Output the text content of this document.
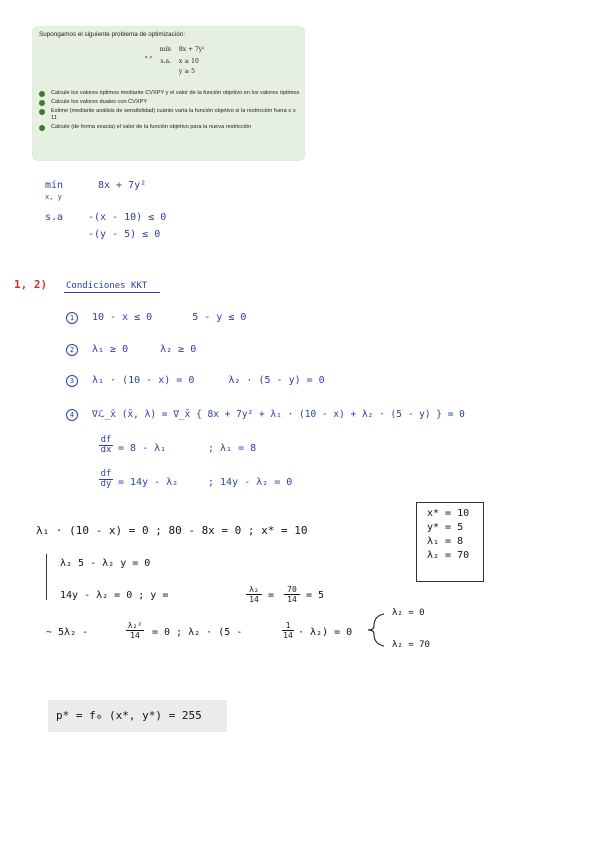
Supongamos el siguiente problema de optimización:
mín
x, y
8x + 7y²
s.a. x ≥ 10
y ≥ 5
Calcule los valores óptimos mediante CVXPY y el valor de la función objetivo en los valores óptimos
Calcule los valores duales con CVXPY
Estime (mediante análisis de sensibilidad) cuánto varía la función objetivo si la restricción fuera x ≥ 11
Calcule (de forma exacta) el valor de la función objetivo para la nueva restricción
mín
x, y
8x + 7y²
s.a -(x - 10) ≤ 0
-(y - 5) ≤ 0
1, 2) Condiciones KKT
1 10 - x ≤ 0	5 - y ≤ 0
2 λ₁ ≥ 0	λ₂ ≥ 0
3 λ₁ · (10 - x) = 0	λ₂ · (5 - y) = 0
4 ∇ℒ_x̄ (x̄, λ) = ∇_x̄ { 8x + 7y² + λ₁ · (10 - x) + λ₂ · (5 - y) } = 0
df
dx = 8 - λ₁	; λ₁ = 8
df
dy = 14y - λ₂	; 14y - λ₂ = 0
λ₁ · (10 - x) = 0 ; 80 - 8x = 0 ; x* = 10
λ₂ 5 - λ₂ y = 0
14y - λ₂ = 0 ; y =
λ₂
14 =
70
14 = 5
~ 5λ₂ -
λ₂²
14	= 0 ; λ₂ · (5 -
1
14 · λ₂) = 0
λ₂ = 0
λ₂ = 70
x* = 10
y* = 5
λ₁ = 8
λ₂ = 70
p* = f₀ (x*, y*) = 255
